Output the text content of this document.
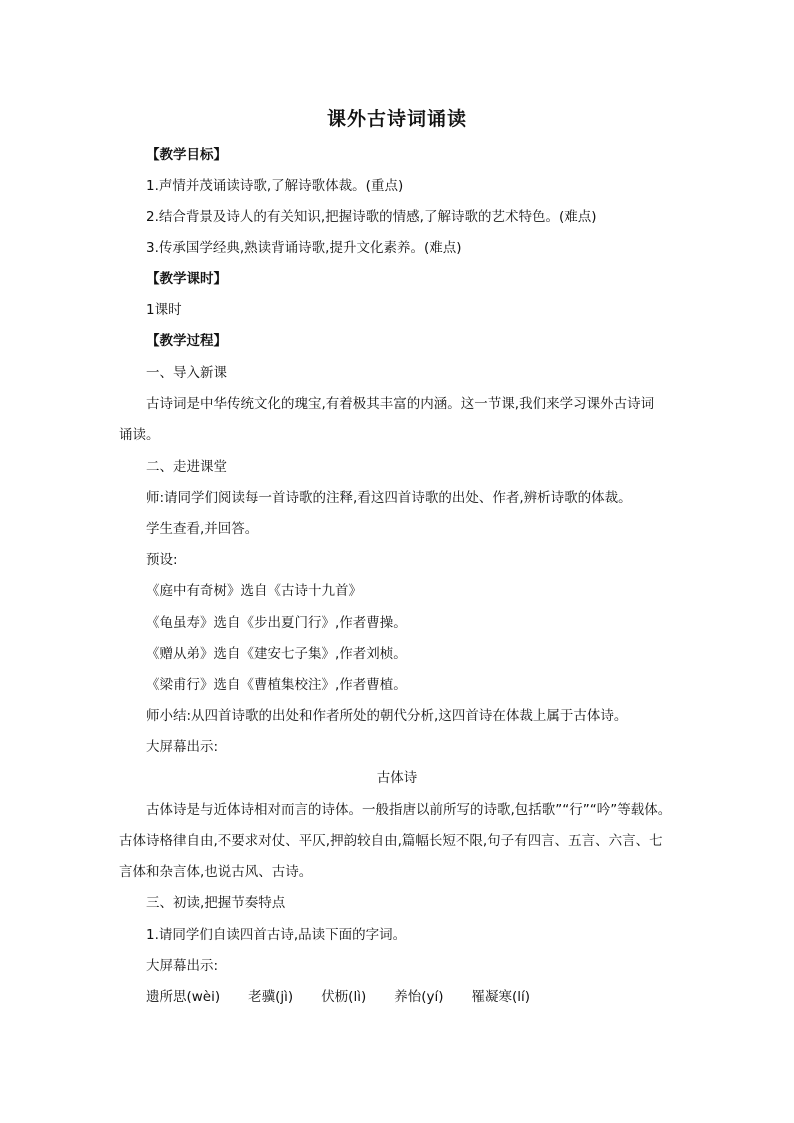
课外古诗词诵读
【教学目标】
1.声情并茂诵读诗歌,了解诗歌体裁。(重点)
2.结合背景及诗人的有关知识,把握诗歌的情感,了解诗歌的艺术特色。(难点)
3.传承国学经典,熟读背诵诗歌,提升文化素养。(难点)
【教学课时】
1课时
【教学过程】
一、导入新课
古诗词是中华传统文化的瑰宝,有着极其丰富的内涵。这一节课,我们来学习课外古诗词
诵读。
二、走进课堂
师:请同学们阅读每一首诗歌的注释,看这四首诗歌的出处、作者,辨析诗歌的体裁。
学生查看,并回答。
预设:
《庭中有奇树》选自《古诗十九首》
《龟虽寿》选自《步出夏门行》,作者曹操。
《赠从弟》选自《建安七子集》,作者刘桢。
《梁甫行》选自《曹植集校注》,作者曹植。
师小结:从四首诗歌的出处和作者所处的朝代分析,这四首诗在体裁上属于古体诗。
大屏幕出示:
古体诗
古体诗是与近体诗相对而言的诗体。一般指唐以前所写的诗歌,包括歌”“行”“吟”等载体。
古体诗格律自由,不要求对仗、平仄,押韵较自由,篇幅长短不限,句子有四言、五言、六言、七
言体和杂言体,也说古风、古诗。
三、初读,把握节奏特点
1.请同学们自读四首古诗,品读下面的字词。
大屏幕出示:
遗所思(wèi) 老骥(jì) 伏枥(lì) 养怡(yí) 罹凝寒(lí)
